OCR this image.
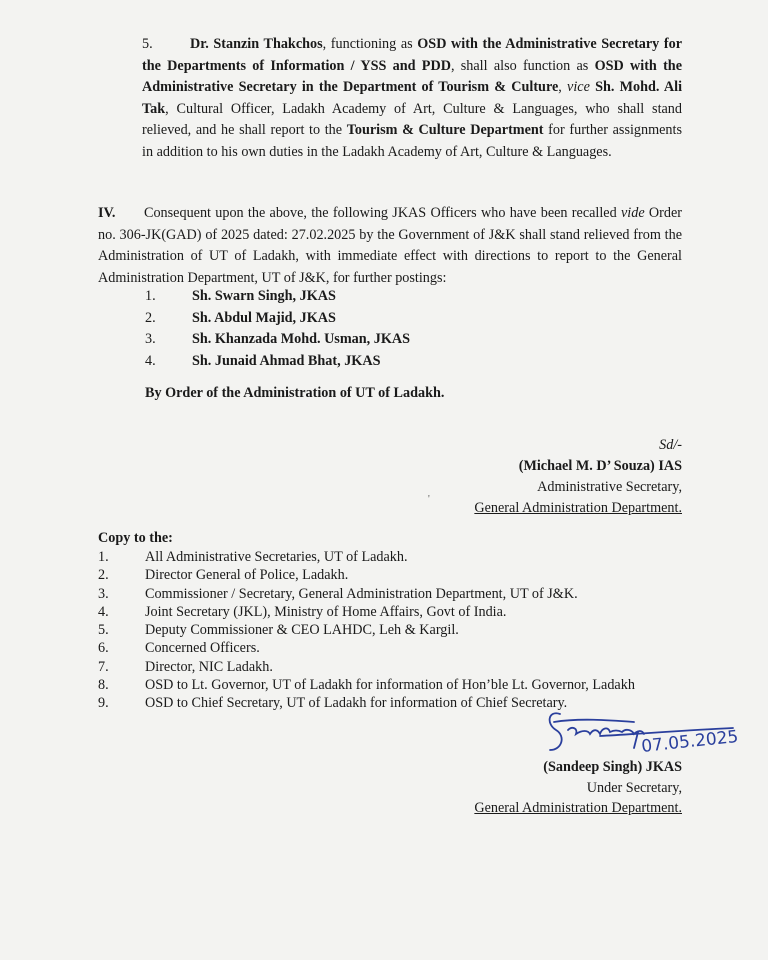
5.	Dr. Stanzin Thakchos, functioning as OSD with the Administrative Secretary for the Departments of Information / YSS and PDD, shall also function as OSD with the Administrative Secretary in the Department of Tourism & Culture, vice Sh. Mohd. Ali Tak, Cultural Officer, Ladakh Academy of Art, Culture & Languages, who shall stand relieved, and he shall report to the Tourism & Culture Department for further assignments in addition to his own duties in the Ladakh Academy of Art, Culture & Languages.
IV. Consequent upon the above, the following JKAS Officers who have been recalled vide Order no. 306-JK(GAD) of 2025 dated: 27.02.2025 by the Government of J&K shall stand relieved from the Administration of UT of Ladakh, with immediate effect with directions to report to the General Administration Department, UT of J&K, for further postings:
1.	Sh. Swarn Singh, JKAS
2.	Sh. Abdul Majid, JKAS
3.	Sh. Khanzada Mohd. Usman, JKAS
4.	Sh. Junaid Ahmad Bhat, JKAS
By Order of the Administration of UT of Ladakh.
Sd/-
(Michael M. D’ Souza) IAS
Administrative Secretary,
General Administration Department.
'
Copy to the:
1.	All Administrative Secretaries, UT of Ladakh.
2.	Director General of Police, Ladakh.
3.	Commissioner / Secretary, General Administration Department, UT of J&K.
4.	Joint Secretary (JKL), Ministry of Home Affairs, Govt of India.
5.	Deputy Commissioner & CEO LAHDC, Leh & Kargil.
6.	Concerned Officers.
7.	Director, NIC Ladakh.
8.	OSD to Lt. Governor, UT of Ladakh for information of Hon’ble Lt. Governor, Ladakh
9.	OSD to Chief Secretary, UT of Ladakh for information of Chief Secretary.
07.05.2025
(Sandeep Singh) JKAS
Under Secretary,
General Administration Department.
